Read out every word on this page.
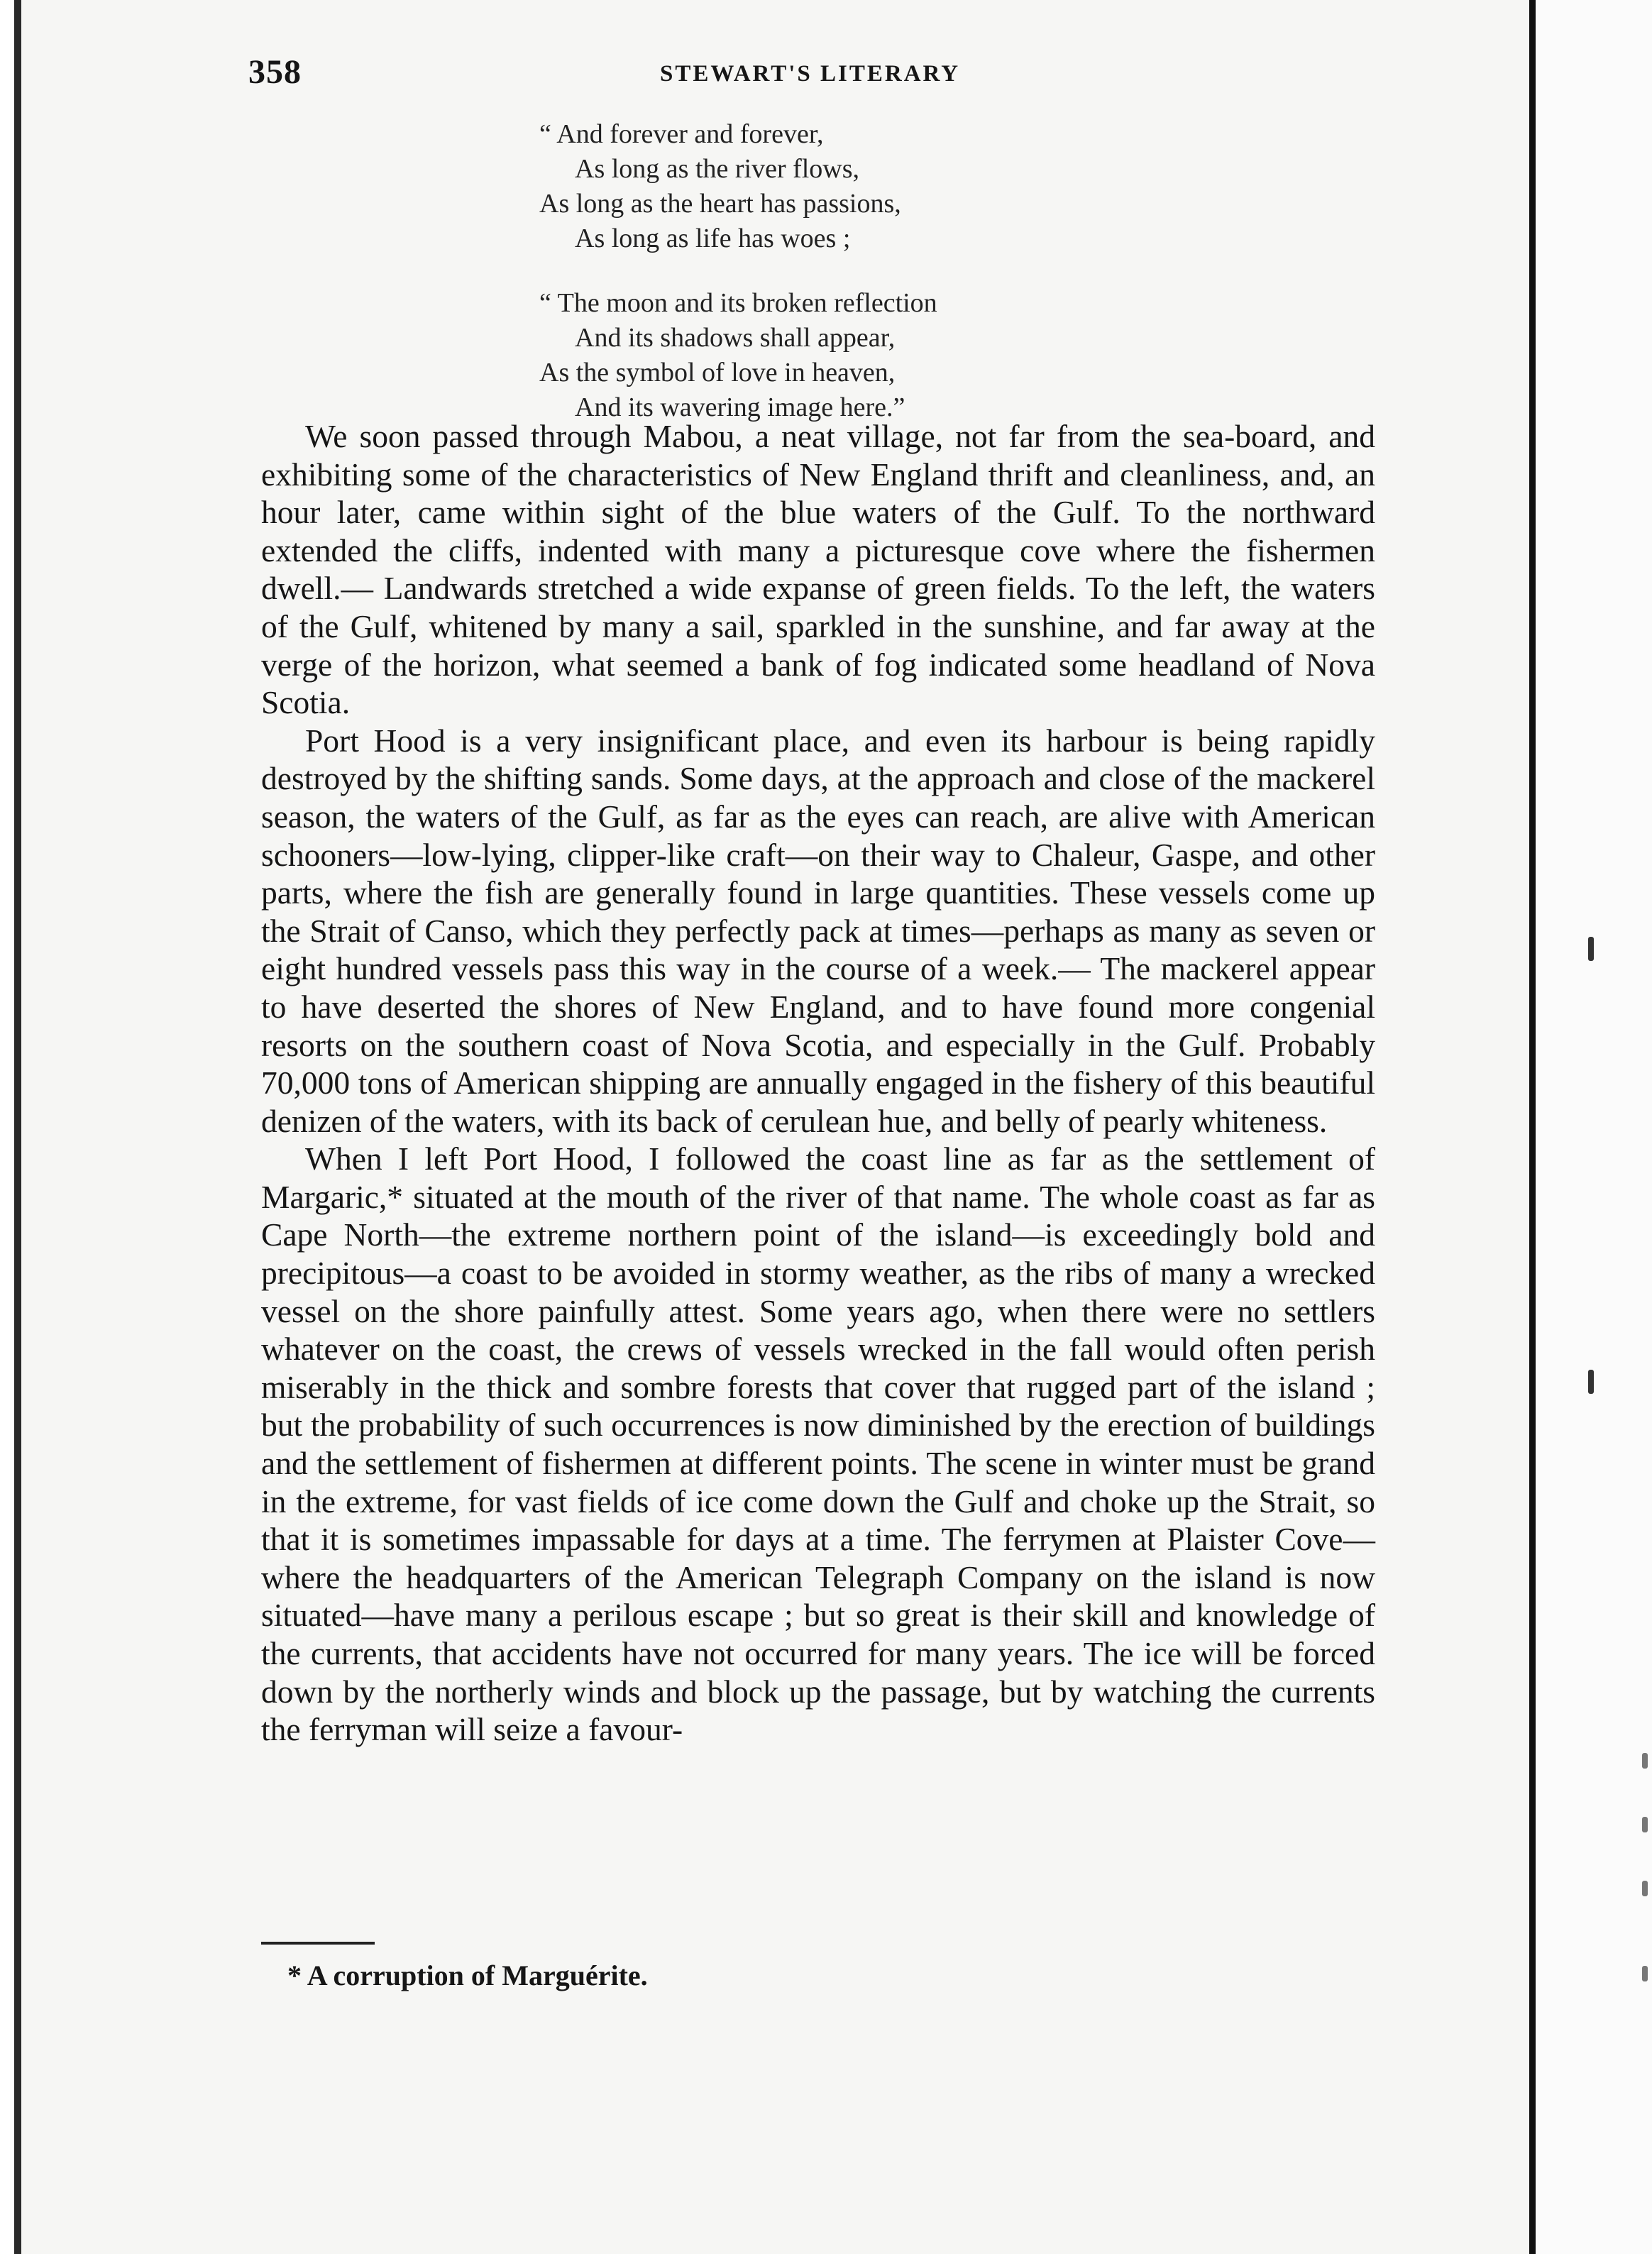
358	STEWART'S LITERARY
“ And forever and forever,
As long as the river flows,
As long as the heart has passions,
As long as life has woes ;
“ The moon and its broken reflection
And its shadows shall appear,
As the symbol of love in heaven,
And its wavering image here.”

We soon passed through Mabou, a neat village, not far from the sea-board, and exhibiting some of the characteristics of New England thrift and cleanliness, and, an hour later, came within sight of the blue waters of the Gulf. To the northward extended the cliffs, indented with many a picturesque cove where the fishermen dwell.— Landwards stretched a wide expanse of green fields. To the left, the waters of the Gulf, whitened by many a sail, sparkled in the sunshine, and far away at the verge of the horizon, what seemed a bank of fog indicated some headland of Nova Scotia.

Port Hood is a very insignificant place, and even its harbour is being rapidly destroyed by the shifting sands. Some days, at the approach and close of the mackerel season, the waters of the Gulf, as far as the eyes can reach, are alive with American schooners—low-lying, clipper-like craft—on their way to Chaleur, Gaspe, and other parts, where the fish are generally found in large quantities. These vessels come up the Strait of Canso, which they perfectly pack at times—perhaps as many as seven or eight hundred vessels pass this way in the course of a week.— The mackerel appear to have deserted the shores of New England, and to have found more congenial resorts on the southern coast of Nova Scotia, and especially in the Gulf. Probably 70,000 tons of American shipping are annually engaged in the fishery of this beautiful denizen of the waters, with its back of cerulean hue, and belly of pearly whiteness.

When I left Port Hood, I followed the coast line as far as the settlement of Margaric,* situated at the mouth of the river of that name. The whole coast as far as Cape North—the extreme northern point of the island—is exceedingly bold and precipitous—a coast to be avoided in stormy weather, as the ribs of many a wrecked vessel on the shore painfully attest. Some years ago, when there were no settlers whatever on the coast, the crews of vessels wrecked in the fall would often perish miserably in the thick and sombre forests that cover that rugged part of the island ; but the probability of such occurrences is now diminished by the erection of buildings and the settlement of fishermen at different points. The scene in winter must be grand in the extreme, for vast fields of ice come down the Gulf and choke up the Strait, so that it is sometimes impassable for days at a time. The ferrymen at Plaister Cove— where the headquarters of the American Telegraph Company on the island is now situated—have many a perilous escape ; but so great is their skill and knowledge of the currents, that accidents have not occurred for many years. The ice will be forced down by the northerly winds and block up the passage, but by watching the currents the ferryman will seize a favour-

* A corruption of Marguérite.
